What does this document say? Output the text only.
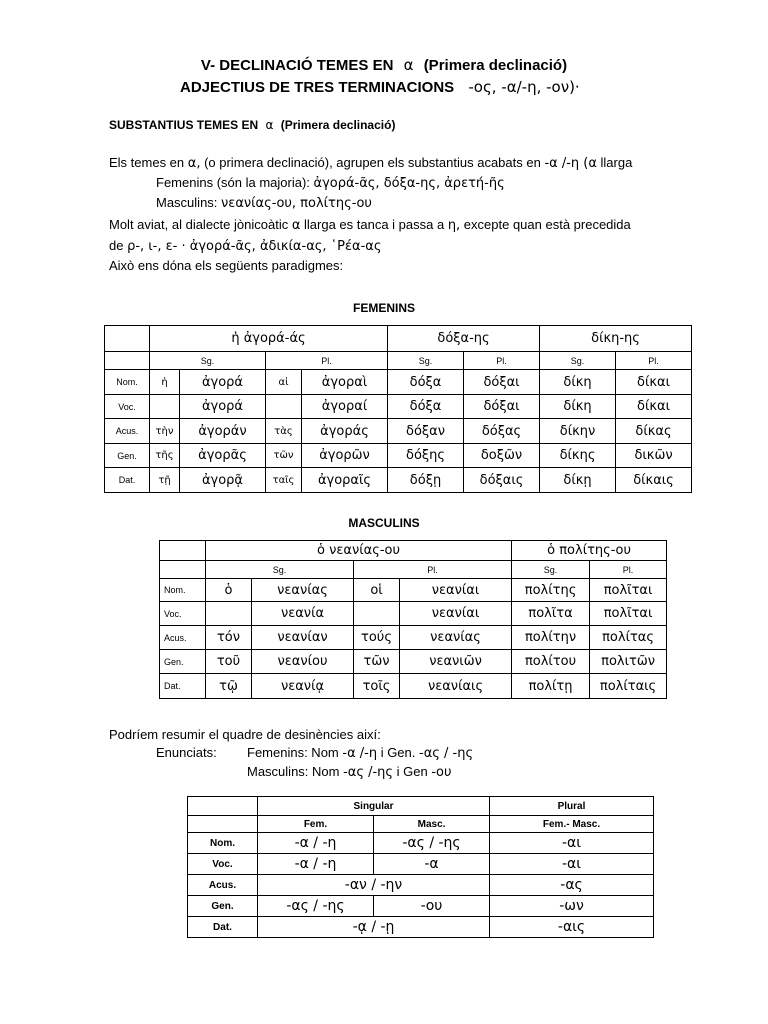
V- DECLINACIÓ TEMES EN α (Primera declinació)
ADJECTIUS DE TRES TERMINACIONS -ος, -α/-η, -ον)·
SUBSTANTIUS TEMES EN α (Primera declinació)
Els temes en α, (o primera declinació), agrupen els substantius acabats en -α /-η (α llarga
Femenins (són la majoria): ἀγορά-ᾶς, δόξα-ης, ἀρετή-ῆς
Masculins: νεανίας-ου, πολίτης-ου
Molt aviat, al dialecte jònicoàtic α llarga es tanca i passa a η, excepte quan està precedida
de ρ-, ι-, ε- · ἀγορά-ᾶς, ἀδικία-ας, ῾Ρέα-ας
Això ens dóna els següents paradigmes:
FEMENINS
	ἡ ἀγορά-άς				δόξα-ης		δίκη-ης	
	Sg.		Pl.		Sg.	Pl.	Sg.	Pl.
Nom.	ἡ	ἀγορά	αἱ	ἀγοραὶ	δόξα	δόξαι	δίκη	δίκαι
Voc.		ἀγορά		ἀγοραί	δόξα	δόξαι	δίκη	δίκαι
Acus.	τὴν	ἀγοράν	τὰς	ἀγοράς	δόξαν	δόξας	δίκην	δίκας
Gen.	τῆς	ἀγορᾶς	τῶν	ἀγορῶν	δόξης	δοξῶν	δίκης	δικῶν
Dat.	τῇ	ἀγορᾷ	ταῖς	ἀγοραῖς	δόξῃ	δόξαις	δίκῃ	δίκαις
MASCULINS
	ὁ νεανίας-ου				ὁ πολίτης-ου	
	Sg.		Pl.		Sg.	Pl.
Nom.	ὁ	νεανίας	οἱ	νεανίαι	πολίτης	πολῖται
Voc.		νεανία		νεανίαι	πολῖτα	πολῖται
Acus.	τόν	νεανίαν	τούς	νεανίας	πολίτην	πολίτας
Gen.	τοῦ	νεανίου	τῶν	νεανιῶν	πολίτου	πολιτῶν
Dat.	τῷ	νεανίᾳ	τοῖς	νεανίαις	πολίτῃ	πολίταις
Podríem resumir el quadre de desinències així:
Enunciats: Femenins: Nom -α /-η i Gen. -ας / -ης
Masculins: Nom -ας /-ης i Gen -ου
	Singular		Plural
	Fem.	Masc.	Fem.- Masc.
Nom.	-α / -η	-ας / -ης	-αι
Voc.	-α / -η	-α	-αι
Acus.	-αν / -ην		-ας
Gen.	-ας / -ης	-ου	-ων
Dat.	-ᾳ / -ῃ		-αις
